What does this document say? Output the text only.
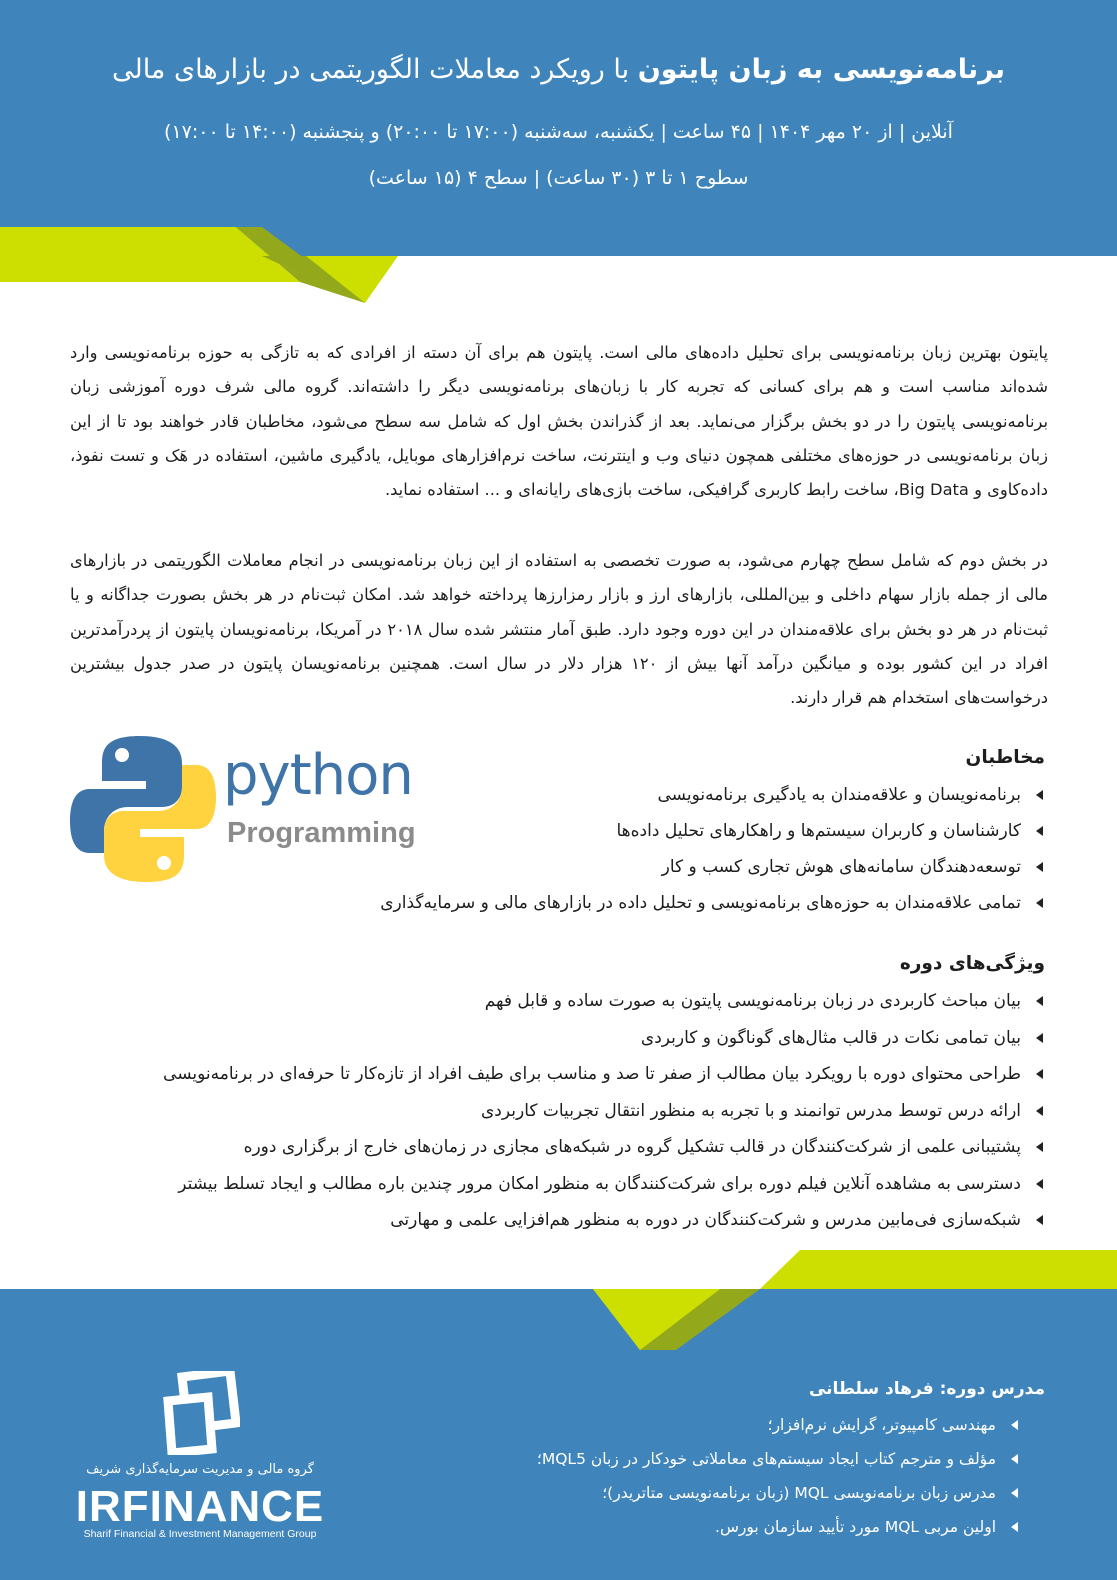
برنامه‌نویسی به زبان پایتون با رویکرد معاملات الگوریتمی در بازارهای مالی
آنلاین | از ۲۰ مهر ۱۴۰۴ | ۴۵ ساعت | یکشنبه، سه‌شنبه (۱۷:۰۰ تا ۲۰:۰۰) و پنجشنبه (۱۴:۰۰ تا ۱۷:۰۰)
سطوح ۱ تا ۳ (۳۰ ساعت) | سطح ۴ (۱۵ ساعت)
پایتون بهترین زبان برنامه‌نویسی برای تحلیل داده‌های مالی است. پایتون هم برای آن دسته از افرادی که به تازگی به حوزه برنامه‌نویسی وارد شده‌اند مناسب است و هم برای کسانی که تجربه کار با زبان‌های برنامه‌نویسی دیگر را داشته‌اند. گروه مالی شرف دوره آموزشی زبان برنامه‌نویسی پایتون را در دو بخش برگزار می‌نماید. بعد از گذراندن بخش اول که شامل سه سطح می‌شود، مخاطبان قادر خواهند بود تا از این زبان برنامه‌نویسی در حوزه‌های مختلفی همچون دنیای وب و اینترنت، ساخت نرم‌افزارهای موبایل، یادگیری ماشین، استفاده در هَک و تست نفوذ، داده‌کاوی و Big Data، ساخت رابط کاربری گرافیکی، ساخت بازی‌های رایانه‌ای و ... استفاده نماید.
در بخش دوم که شامل سطح چهارم می‌شود، به صورت تخصصی به استفاده از این زبان برنامه‌نویسی در انجام معاملات الگوریتمی در بازارهای مالی از جمله بازار سهام داخلی و بین‌المللی، بازارهای ارز و بازار رمزارزها پرداخته خواهد شد. امکان ثبت‌نام در هر بخش بصورت جداگانه و یا ثبت‌نام در هر دو بخش برای علاقه‌مندان در این دوره وجود دارد. طبق آمار منتشر شده سال ۲۰۱۸ در آمریکا، برنامه‌نویسان پایتون از پردرآمدترین افراد در این کشور بوده و میانگین درآمد آنها بیش از ۱۲۰ هزار دلار در سال است. همچنین برنامه‌نویسان پایتون در صدر جدول بیشترین درخواست‌های استخدام هم قرار دارند.
python
Programming
مخاطبان
برنامه‌نویسان و علاقه‌مندان به یادگیری برنامه‌نویسی
کارشناسان و کاربران سیستم‌ها و راهکارهای تحلیل داده‌ها
توسعه‌دهندگان سامانه‌های هوش تجاری کسب و کار
تمامی علاقه‌مندان به حوزه‌های برنامه‌نویسی و تحلیل داده در بازارهای مالی و سرمایه‌گذاری
ویژگی‌های دوره
بیان مباحث کاربردی در زبان برنامه‌نویسی پایتون به صورت ساده و قابل فهم
بیان تمامی نکات در قالب مثال‌های گوناگون و کاربردی
طراحی محتوای دوره با رویکرد بیان مطالب از صفر تا صد و مناسب برای طیف افراد از تازه‌کار تا حرفه‌ای در برنامه‌نویسی
ارائه درس توسط مدرس توانمند و با تجربه به منظور انتقال تجربیات کاربردی
پشتیبانی علمی از شرکت‌کنندگان در قالب تشکیل گروه در شبکه‌های مجازی در زمان‌های خارج از برگزاری دوره
دسترسی به مشاهده آنلاین فیلم دوره برای شرکت‌کنندگان به منظور امکان مرور چندین باره مطالب و ایجاد تسلط بیشتر
شبکه‌سازی فی‌مابین مدرس و شرکت‌کنندگان در دوره به منظور هم‌افزایی علمی و مهارتی
مدرس دوره: فرهاد سلطانی
مهندسی کامپیوتر، گرایش نرم‌افزار؛
مؤلف و مترجم کتاب ایجاد سیستم‌های معاملاتی خودکار در زبان MQL5؛
مدرس زبان برنامه‌نویسی MQL (زبان برنامه‌نویسی متاتریدر)؛
اولین مربی MQL مورد تأیید سازمان بورس.
گروه مالی و مدیریت سرمایه‌گذاری شریف
IRFINANCE
Sharif Financial & Investment Management Group
